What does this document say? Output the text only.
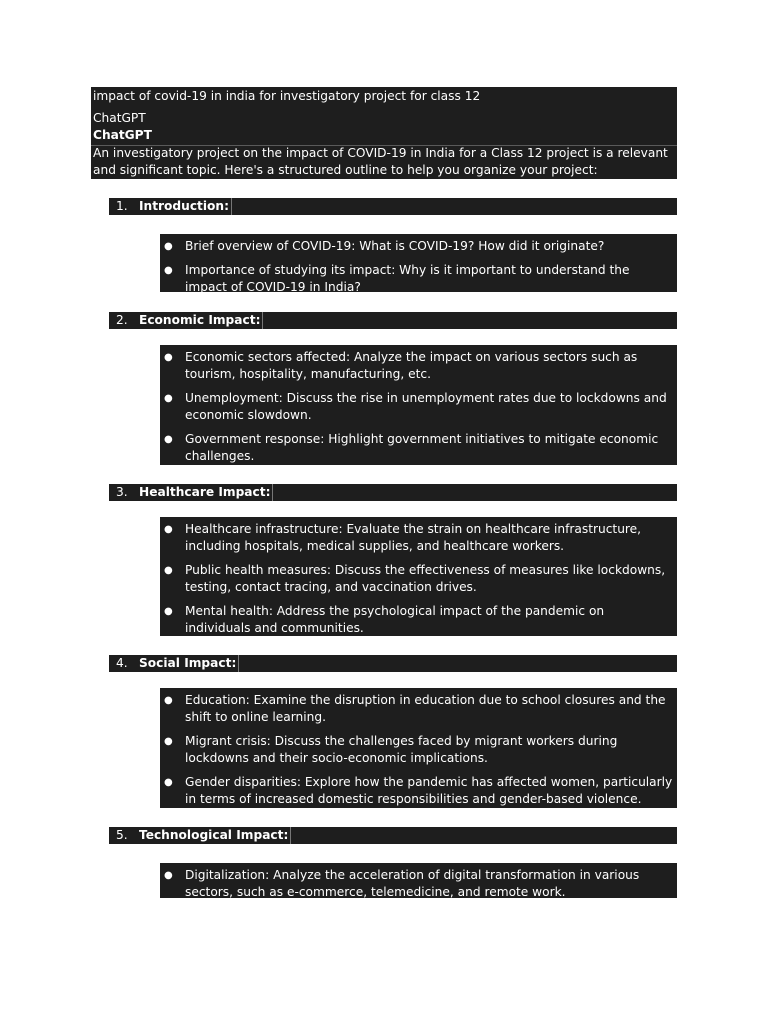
impact of covid-19 in india for investigatory project for class 12
ChatGPT
ChatGPT
An investigatory project on the impact of COVID-19 in India for a Class 12 project is a relevant
and significant topic. Here's a structured outline to help you organize your project:
1. Introduction:
● Brief overview of COVID-19: What is COVID-19? How did it originate?
● Importance of studying its impact: Why is it important to understand the impact of COVID-19 in India?
2. Economic Impact:
● Economic sectors affected: Analyze the impact on various sectors such as tourism, hospitality, manufacturing, etc.
● Unemployment: Discuss the rise in unemployment rates due to lockdowns and economic slowdown.
● Government response: Highlight government initiatives to mitigate economic challenges.
3. Healthcare Impact:
● Healthcare infrastructure: Evaluate the strain on healthcare infrastructure, including hospitals, medical supplies, and healthcare workers.
● Public health measures: Discuss the effectiveness of measures like lockdowns, testing, contact tracing, and vaccination drives.
● Mental health: Address the psychological impact of the pandemic on individuals and communities.
4. Social Impact:
● Education: Examine the disruption in education due to school closures and the shift to online learning.
● Migrant crisis: Discuss the challenges faced by migrant workers during lockdowns and their socio-economic implications.
● Gender disparities: Explore how the pandemic has affected women, particularly in terms of increased domestic responsibilities and gender-based violence.
5. Technological Impact:
● Digitalization: Analyze the acceleration of digital transformation in various sectors, such as e-commerce, telemedicine, and remote work.
